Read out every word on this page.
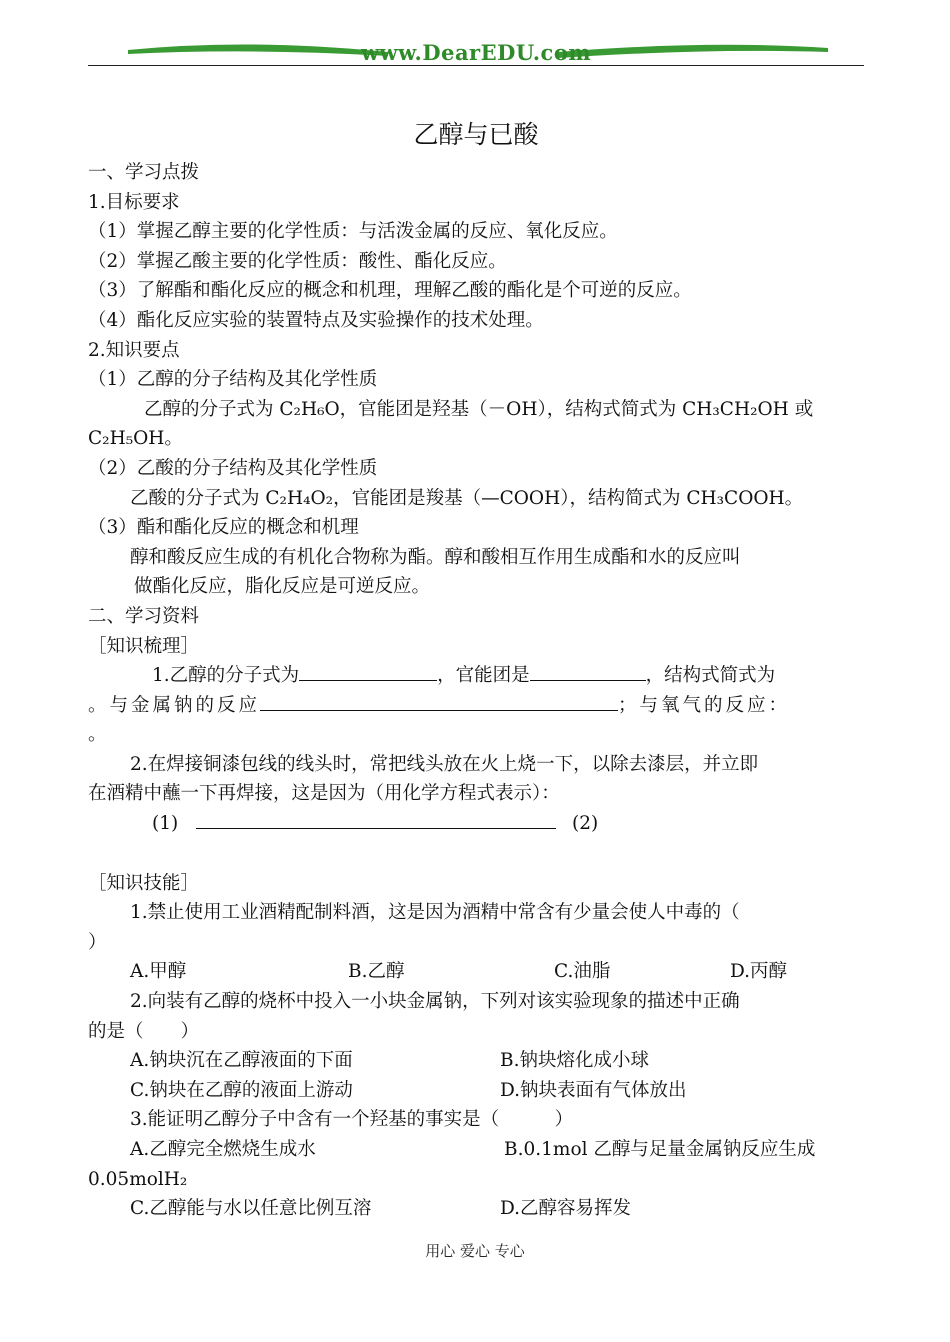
www.DearEDU.com
乙醇与已酸
一、学习点拨
1.目标要求
（1）掌握乙醇主要的化学性质：与活泼金属的反应、氧化反应。
（2）掌握乙酸主要的化学性质：酸性、酯化反应。
（3）了解酯和酯化反应的概念和机理，理解乙酸的酯化是个可逆的反应。
（4）酯化反应实验的装置特点及实验操作的技术处理。
2.知识要点
（1）乙醇的分子结构及其化学性质
乙醇的分子式为 C₂H₆O，官能团是羟基（－OH），结构式简式为 CH₃CH₂OH 或
C₂H₅OH。
（2）乙酸的分子结构及其化学性质
乙酸的分子式为 C₂H₄O₂，官能团是羧基（—COOH），结构简式为 CH₃COOH。
（3）酯和酯化反应的概念和机理
醇和酸反应生成的有机化合物称为酯。醇和酸相互作用生成酯和水的反应叫
做酯化反应，脂化反应是可逆反应。
二、学习资料
［知识梳理］
1.乙醇的分子式为	，官能团是	，结构式简式为
。与金属钠的反应	；与氧气的反应：
。
2.在焊接铜漆包线的线头时，常把线头放在火上烧一下，以除去漆层，并立即
在酒精中蘸一下再焊接，这是因为（用化学方程式表示）：
(1)	(2)
［知识技能］
1.禁止使用工业酒精配制料酒，这是因为酒精中常含有少量会使人中毒的（
）
A.甲醇	B.乙醇	C.油脂	D.丙醇
2.向装有乙醇的烧杯中投入一小块金属钠，下列对该实验现象的描述中正确
的是（　　）
A.钠块沉在乙醇液面的下面	B.钠块熔化成小球
C.钠块在乙醇的液面上游动	D.钠块表面有气体放出
3.能证明乙醇分子中含有一个羟基的事实是（　　　）
A.乙醇完全燃烧生成水	B.0.1mol 乙醇与足量金属钠反应生成
0.05molH₂
C.乙醇能与水以任意比例互溶	D.乙醇容易挥发
用心 爱心 专心
